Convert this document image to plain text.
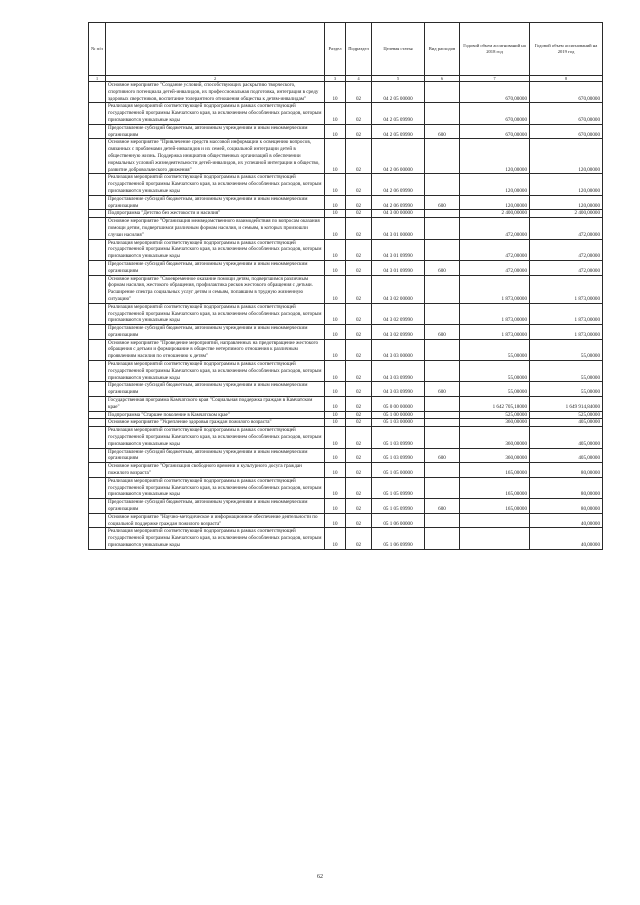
№ п/п		Раздел	Подраздел	Целевая статья	Вид расходов	Годовой объем ассигнований на 2018 год	Годовой объем ассигнований на 2019 год
1	2	3	4	5	6	7	8
	Основное мероприятие "Создание условий, способствующих раскрытию творческого, спортивного потенциала детей-инвалидов, их профессиональная подготовка, интеграция в среду здоровых сверстников, воспитание толерантного отношения общества к детям-инвалидам"	10	02	04 2 05 00000		670,00000	670,00000
	Реализация мероприятий соответствующей подпрограммы в рамках соответствующей государственной программы Камчатского края, за исключением обособленных расходов, которым присваиваются уникальные коды	10	02	04 2 05 09990		670,00000	670,00000
	Предоставление субсидий бюджетным, автономным учреждениям и иным некоммерческим организациям	10	02	04 2 05 09990	600	670,00000	670,00000
	Основное мероприятие "Привлечение средств массовой информации к освещению вопросов, связанных с проблемами детей-инвалидов и их семей, социальной интеграции детей в общественную жизнь. Поддержка инициатив общественных организаций в обеспечении нормальных условий жизнедеятельности детей-инвалидов, их успешной интеграции в общество, развитие добровольческого движения"	10	02	04 2 06 00000		120,00000	120,00000
	Реализация мероприятий соответствующей подпрограммы в рамках соответствующей государственной программы Камчатского края, за исключением обособленных расходов, которым присваиваются уникальные коды	10	02	04 2 06 09990		120,00000	120,00000
	Предоставление субсидий бюджетным, автономным учреждениям и иным некоммерческим организациям	10	02	04 2 06 09990	600	120,00000	120,00000
	Подпрограмма "Детство без жестокости и насилия"	10	02	04 3 00 00000		2 400,00000	2 400,00000
	Основное мероприятие "Организация межведомственного взаимодействия по вопросам оказания помощи детям, подвергшимся различным формам насилия, и семьям, в которых произошли случаи насилия"	10	02	04 3 01 00000		472,00000	472,00000
	Реализация мероприятий соответствующей подпрограммы в рамках соответствующей государственной программы Камчатского края, за исключением обособленных расходов, которым присваиваются уникальные коды	10	02	04 3 01 09990		472,00000	472,00000
	Предоставление субсидий бюджетным, автономным учреждениям и иным некоммерческим организациям	10	02	04 3 01 09990	600	472,00000	472,00000
	Основное мероприятие "Своевременное оказание помощи детям, подвергшимся различным формам насилия, жестокого обращения, профилактика рисков жестокого обращения с детьми. Расширение спектра социальных услуг детям и семьям, попавшим в трудную жизненную ситуацию"	10	02	04 3 02 00000		1 873,00000	1 873,00000
	Реализация мероприятий соответствующей подпрограммы в рамках соответствующей государственной программы Камчатского края, за исключением обособленных расходов, которым присваиваются уникальные коды	10	02	04 3 02 09990		1 873,00000	1 873,00000
	Предоставление субсидий бюджетным, автономным учреждениям и иным некоммерческим организациям	10	02	04 3 02 09990	600	1 873,00000	1 873,00000
	Основное мероприятие "Проведение мероприятий, направленных на предотвращение жестокого обращения с детьми и формирование в обществе нетерпимого отношения к различным проявлениям насилия по отношению к детям"	10	02	04 3 03 00000		55,00000	55,00000
	Реализация мероприятий соответствующей подпрограммы в рамках соответствующей государственной программы Камчатского края, за исключением обособленных расходов, которым присваиваются уникальные коды	10	02	04 3 03 09990		55,00000	55,00000
	Предоставление субсидий бюджетным, автономным учреждениям и иным некоммерческим организациям	10	02	04 3 03 09990	600	55,00000	55,00000
	Государственная программа Камчатского края "Социальная поддержка граждан в Камчатском крае"	10	02	05 0 00 00000		1 642 705,18000	1 649 914,84000
	Подпрограмма "Старшее поколение в Камчатском крае"	10	02	05 1 00 00000		525,00000	525,00000
	Основное мероприятие "Укрепление здоровья граждан пожилого возраста"	10	02	05 1 03 00000		360,00000	405,00000
	Реализация мероприятий соответствующей подпрограммы в рамках соответствующей государственной программы Камчатского края, за исключением обособленных расходов, которым присваиваются уникальные коды	10	02	05 1 03 09990		360,00000	405,00000
	Предоставление субсидий бюджетным, автономным учреждениям и иным некоммерческим организациям	10	02	05 1 03 09990	600	360,00000	405,00000
	Основное мероприятие "Организация свободного времени и культурного досуга граждан пожилого возраста"	10	02	05 1 05 00000		165,00000	80,00000
	Реализация мероприятий соответствующей подпрограммы в рамках соответствующей государственной программы Камчатского края, за исключением обособленных расходов, которым присваиваются уникальные коды	10	02	05 1 05 09990		165,00000	80,00000
	Предоставление субсидий бюджетным, автономным учреждениям и иным некоммерческим организациям	10	02	05 1 05 09990	600	165,00000	80,00000
	Основное мероприятие "Научно-методическое и информационное обеспечение деятельности по социальной поддержке граждан пожилого возраста"	10	02	05 1 06 00000			40,00000
	Реализация мероприятий соответствующей подпрограммы в рамках соответствующей государственной программы Камчатского края, за исключением обособленных расходов, которым присваиваются уникальные коды	10	02	05 1 06 09990			40,00000
62
